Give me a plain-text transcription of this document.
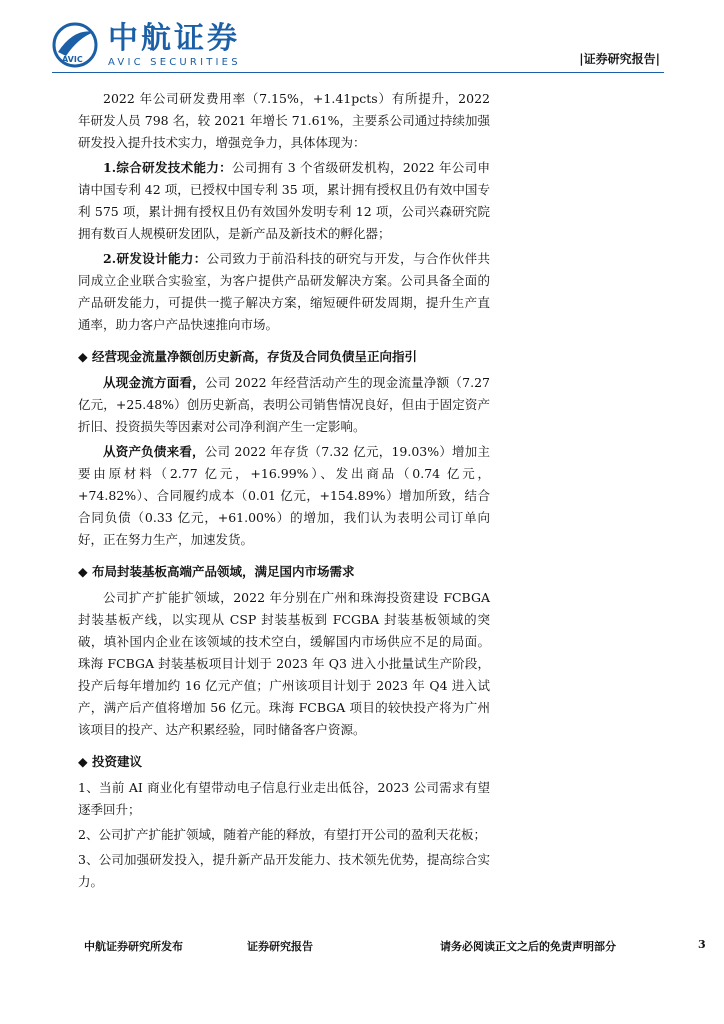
AVIC
中航证券
AVIC SECURITIES	|证券研究报告|

2022 年公司研发费用率（7.15%，+1.41pcts）有所提升，2022 年研发人员 798 名，较 2021 年增长 71.61%，主要系公司通过持续加强研发投入提升技术实力，增强竞争力，具体体现为：

1.综合研发技术能力：公司拥有 3 个省级研发机构，2022 年公司申请中国专利 42 项，已授权中国专利 35 项，累计拥有授权且仍有效中国专利 575 项，累计拥有授权且仍有效国外发明专利 12 项，公司兴森研究院拥有数百人规模研发团队，是新产品及新技术的孵化器；

2.研发设计能力：公司致力于前沿科技的研究与开发，与合作伙伴共同成立企业联合实验室，为客户提供产品研发解决方案。公司具备全面的产品研发能力，可提供一揽子解决方案，缩短硬件研发周期，提升生产直通率，助力客户产品快速推向市场。

◆ 经营现金流量净额创历史新高，存货及合同负债呈正向指引

从现金流方面看，公司 2022 年经营活动产生的现金流量净额（7.27 亿元，+25.48%）创历史新高，表明公司销售情况良好，但由于固定资产折旧、投资损失等因素对公司净利润产生一定影响。

从资产负债来看，公司 2022 年存货（7.32 亿元，19.03%）增加主要由原材料（2.77 亿元，+16.99%）、发出商品（0.74 亿元，+74.82%）、合同履约成本（0.01 亿元，+154.89%）增加所致，结合合同负债（0.33 亿元，+61.00%）的增加，我们认为表明公司订单向好，正在努力生产，加速发货。

◆ 布局封装基板高端产品领域，满足国内市场需求

公司扩产扩能扩领域，2022 年分别在广州和珠海投资建设 FCBGA 封装基板产线，以实现从 CSP 封装基板到 FCGBA 封装基板领域的突破，填补国内企业在该领域的技术空白，缓解国内市场供应不足的局面。珠海 FCBGA 封装基板项目计划于 2023 年 Q3 进入小批量试生产阶段，投产后每年增加约 16 亿元产值；广州该项目计划于 2023 年 Q4 进入试产，满产后产值将增加 56 亿元。珠海 FCBGA 项目的较快投产将为广州该项目的投产、达产积累经验，同时储备客户资源。

◆ 投资建议

1、当前 AI 商业化有望带动电子信息行业走出低谷，2023 公司需求有望逐季回升；

2、公司扩产扩能扩领域，随着产能的释放，有望打开公司的盈利天花板；

3、公司加强研发投入，提升新产品开发能力、技术领先优势，提高综合实力。

中航证券研究所发布	证券研究报告	请务必阅读正文之后的免责声明部分	3
